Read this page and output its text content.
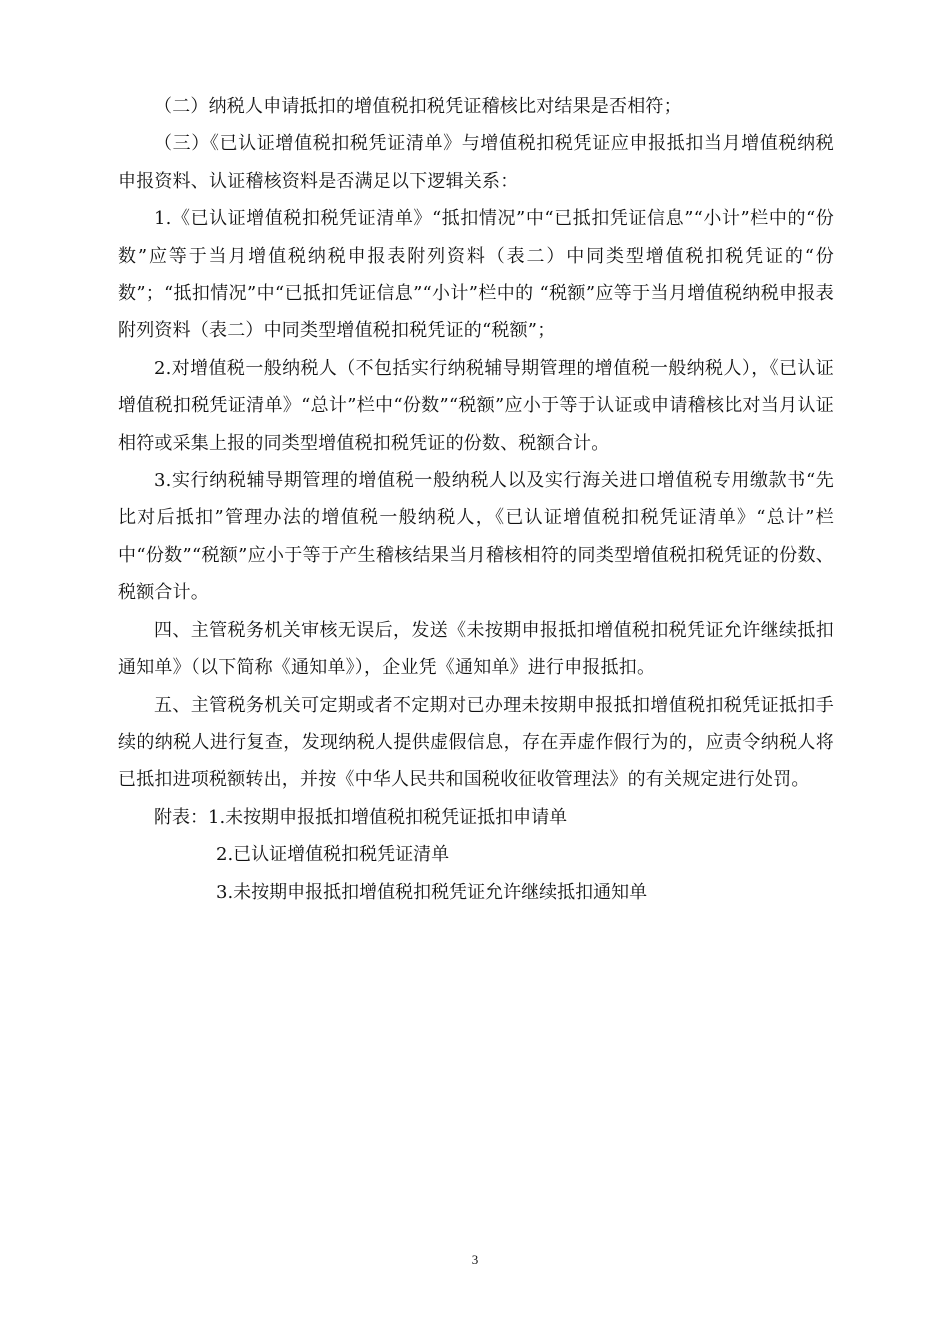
（二）纳税人申请抵扣的增值税扣税凭证稽核比对结果是否相符；

（三）《已认证增值税扣税凭证清单》与增值税扣税凭证应申报抵扣当月增值税纳税申报资料、认证稽核资料是否满足以下逻辑关系：

1.《已认证增值税扣税凭证清单》“抵扣情况”中“已抵扣凭证信息”“小计”栏中的“份数”应等于当月增值税纳税申报表附列资料（表二）中同类型增值税扣税凭证的“份数”；“抵扣情况”中“已抵扣凭证信息”“小计”栏中的 “税额”应等于当月增值税纳税申报表附列资料（表二）中同类型增值税扣税凭证的“税额”；

2.对增值税一般纳税人（不包括实行纳税辅导期管理的增值税一般纳税人），《已认证增值税扣税凭证清单》“总计”栏中“份数”“税额”应小于等于认证或申请稽核比对当月认证相符或采集上报的同类型增值税扣税凭证的份数、税额合计。

3.实行纳税辅导期管理的增值税一般纳税人以及实行海关进口增值税专用缴款书“先比对后抵扣”管理办法的增值税一般纳税人，《已认证增值税扣税凭证清单》“总计”栏中“份数”“税额”应小于等于产生稽核结果当月稽核相符的同类型增值税扣税凭证的份数、税额合计。

四、主管税务机关审核无误后，发送《未按期申报抵扣增值税扣税凭证允许继续抵扣通知单》（以下简称《通知单》），企业凭《通知单》进行申报抵扣。

五、主管税务机关可定期或者不定期对已办理未按期申报抵扣增值税扣税凭证抵扣手续的纳税人进行复查，发现纳税人提供虚假信息，存在弄虚作假行为的，应责令纳税人将已抵扣进项税额转出，并按《中华人民共和国税收征收管理法》的有关规定进行处罚。

附表：1.未按期申报抵扣增值税扣税凭证抵扣申请单

2.已认证增值税扣税凭证清单

3.未按期申报抵扣增值税扣税凭证允许继续抵扣通知单

3
